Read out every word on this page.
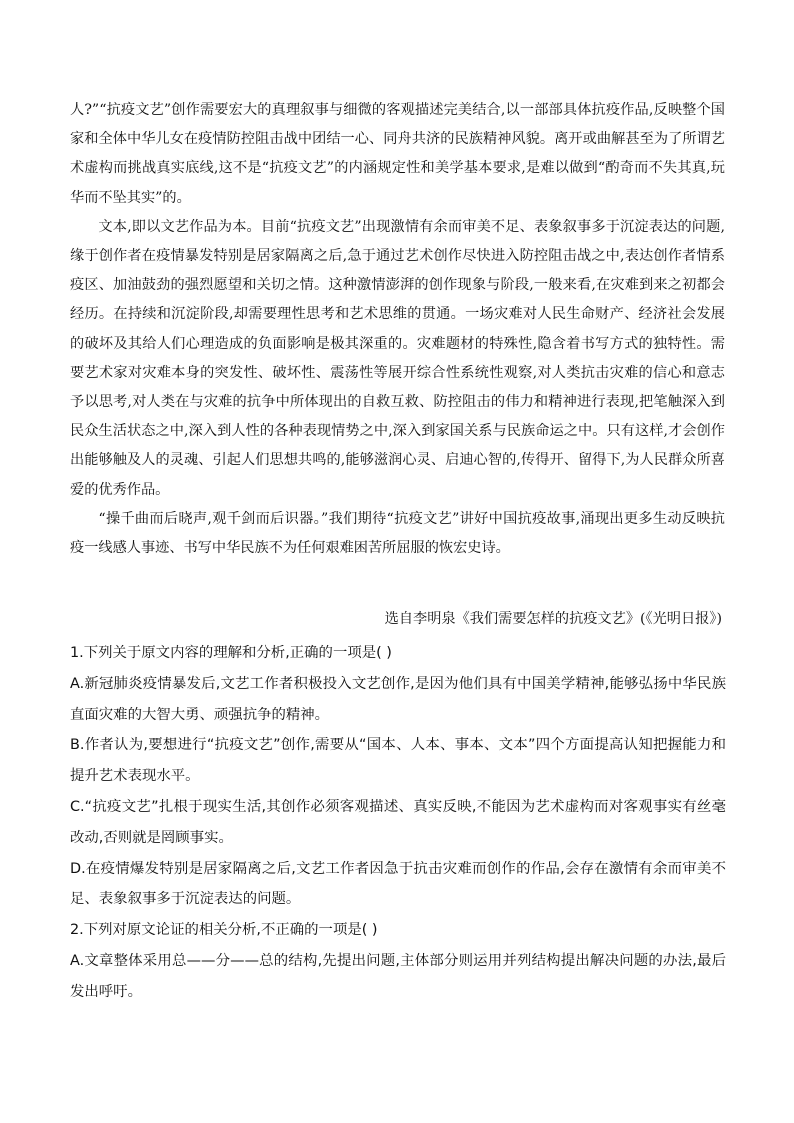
人?”“抗疫文艺”创作需要宏大的真理叙事与细微的客观描述完美结合,以一部部具体抗疫作品,反映整个国家和全体中华儿女在疫情防控阻击战中团结一心、同舟共济的民族精神风貌。离开或曲解甚至为了所谓艺术虚构而挑战真实底线,这不是“抗疫文艺”的内涵规定性和美学基本要求,是难以做到“酌奇而不失其真,玩华而不坠其实”的。

文本,即以文艺作品为本。目前“抗疫文艺”出现激情有余而审美不足、表象叙事多于沉淀表达的问题,缘于创作者在疫情暴发特别是居家隔离之后,急于通过艺术创作尽快进入防控阻击战之中,表达创作者情系疫区、加油鼓劲的强烈愿望和关切之情。这种激情澎湃的创作现象与阶段,一般来看,在灾难到来之初都会经历。在持续和沉淀阶段,却需要理性思考和艺术思维的贯通。一场灾难对人民生命财产、经济社会发展的破坏及其给人们心理造成的负面影响是极其深重的。灾难题材的特殊性,隐含着书写方式的独特性。需要艺术家对灾难本身的突发性、破坏性、震荡性等展开综合性系统性观察,对人类抗击灾难的信心和意志予以思考,对人类在与灾难的抗争中所体现出的自救互救、防控阻击的伟力和精神进行表现,把笔触深入到民众生活状态之中,深入到人性的各种表现情势之中,深入到家国关系与民族命运之中。只有这样,才会创作出能够触及人的灵魂、引起人们思想共鸣的,能够滋润心灵、启迪心智的,传得开、留得下,为人民群众所喜爱的优秀作品。

“操千曲而后晓声,观千剑而后识器。”我们期待“抗疫文艺”讲好中国抗疫故事,涌现出更多生动反映抗疫一线感人事迹、书写中华民族不为任何艰难困苦所屈服的恢宏史诗。

选自李明泉《我们需要怎样的抗疫文艺》(《光明日报》)

1.下列关于原文内容的理解和分析,正确的一项是( )

A.新冠肺炎疫情暴发后,文艺工作者积极投入文艺创作,是因为他们具有中国美学精神,能够弘扬中华民族直面灾难的大智大勇、顽强抗争的精神。

B.作者认为,要想进行“抗疫文艺”创作,需要从“国本、人本、事本、文本”四个方面提高认知把握能力和提升艺术表现水平。

C.“抗疫文艺”扎根于现实生活,其创作必须客观描述、真实反映,不能因为艺术虚构而对客观事实有丝毫改动,否则就是罔顾事实。

D.在疫情爆发特别是居家隔离之后,文艺工作者因急于抗击灾难而创作的作品,会存在激情有余而审美不足、表象叙事多于沉淀表达的问题。

2.下列对原文论证的相关分析,不正确的一项是( )

A.文章整体采用总——分——总的结构,先提出问题,主体部分则运用并列结构提出解决问题的办法,最后发出呼吁。
